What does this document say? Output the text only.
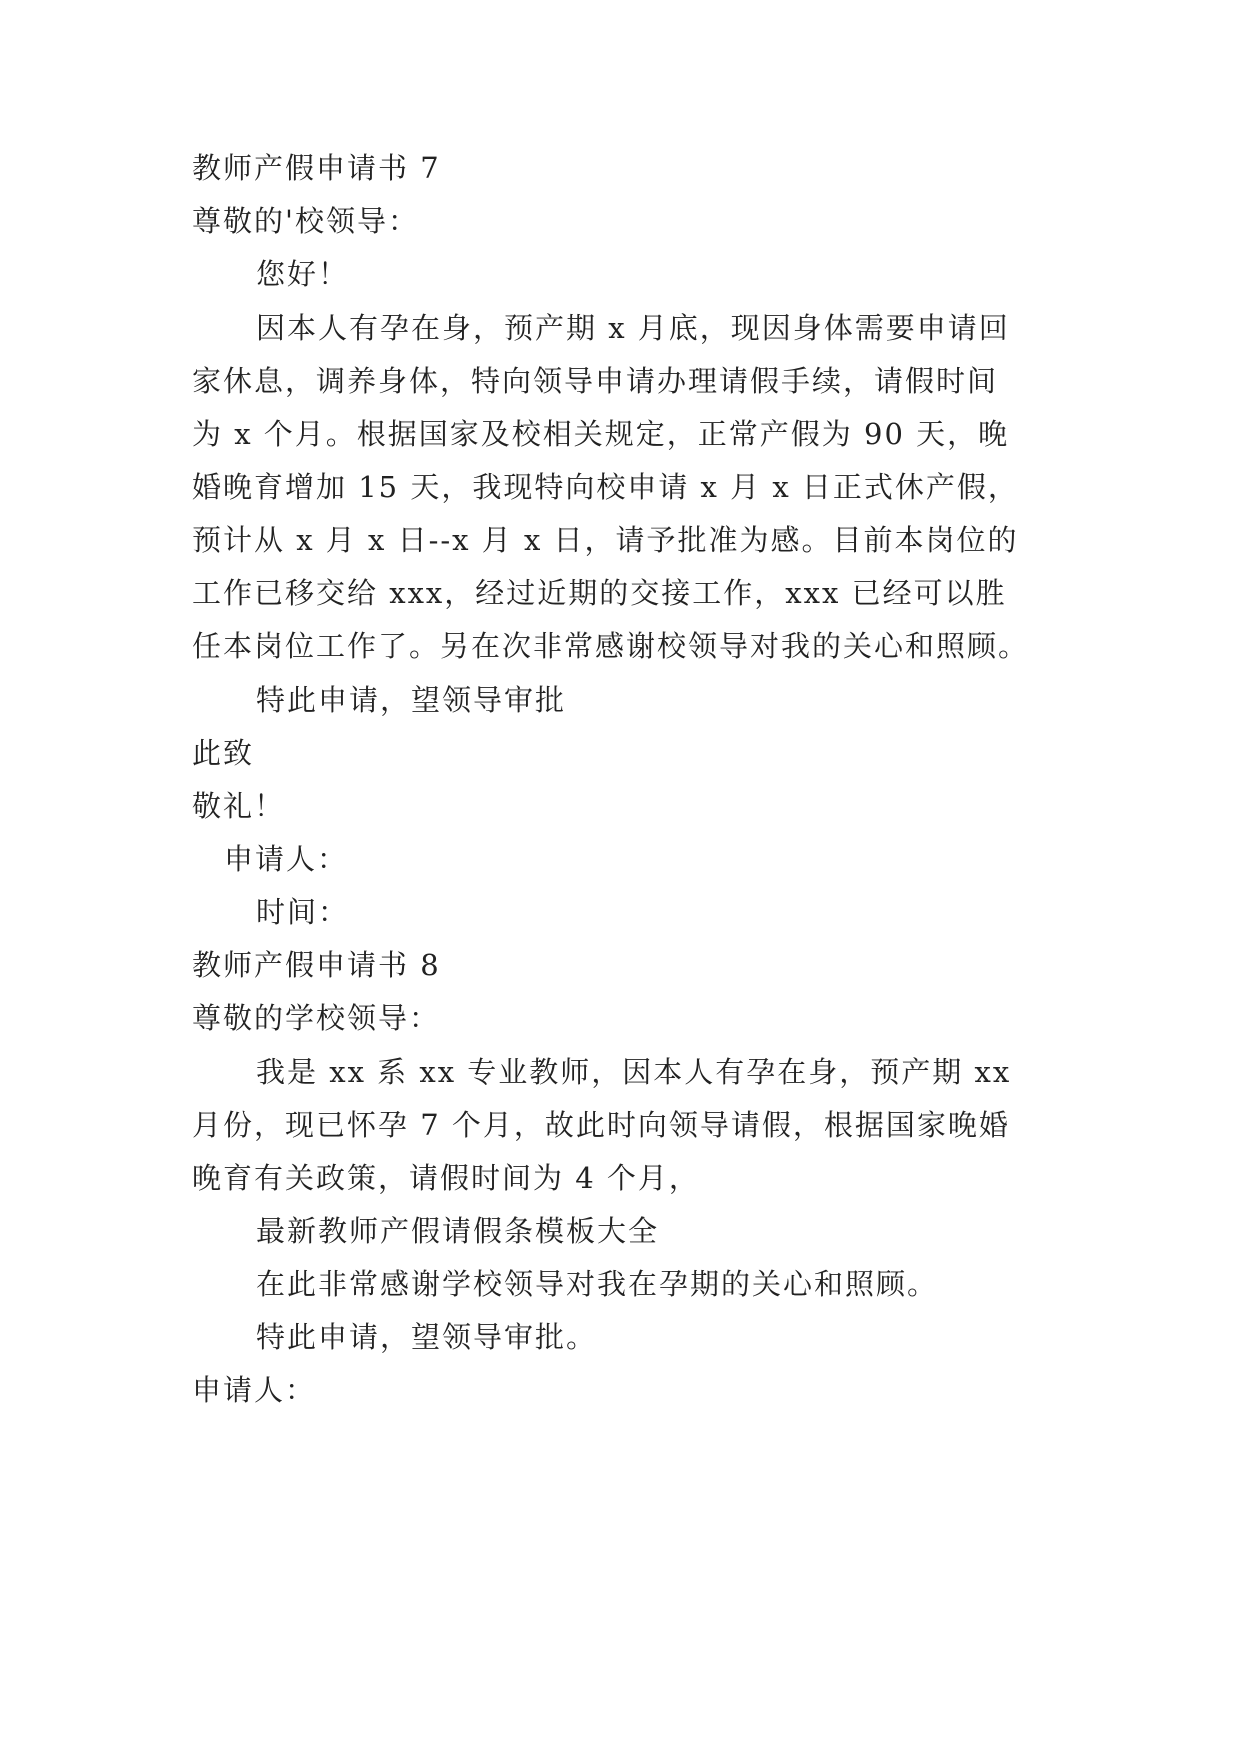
教师产假申请书 7
尊敬的'校领导：
您好！
因本人有孕在身，预产期 x 月底，现因身体需要申请回
家休息，调养身体，特向领导申请办理请假手续，请假时间
为 x 个月。根据国家及校相关规定，正常产假为 90 天，晚
婚晚育增加 15 天，我现特向校申请 x 月 x 日正式休产假，
预计从 x 月 x 日--x 月 x 日，请予批准为感。目前本岗位的
工作已移交给 xxx，经过近期的交接工作，xxx 已经可以胜
任本岗位工作了。另在次非常感谢校领导对我的关心和照顾。
特此申请，望领导审批
此致
敬礼！
申请人：
时间：
教师产假申请书 8
尊敬的学校领导：
我是 xx 系 xx 专业教师，因本人有孕在身，预产期 xx
月份，现已怀孕 7 个月，故此时向领导请假，根据国家晚婚
晚育有关政策，请假时间为 4 个月，
最新教师产假请假条模板大全
在此非常感谢学校领导对我在孕期的关心和照顾。
特此申请，望领导审批。
申请人：
